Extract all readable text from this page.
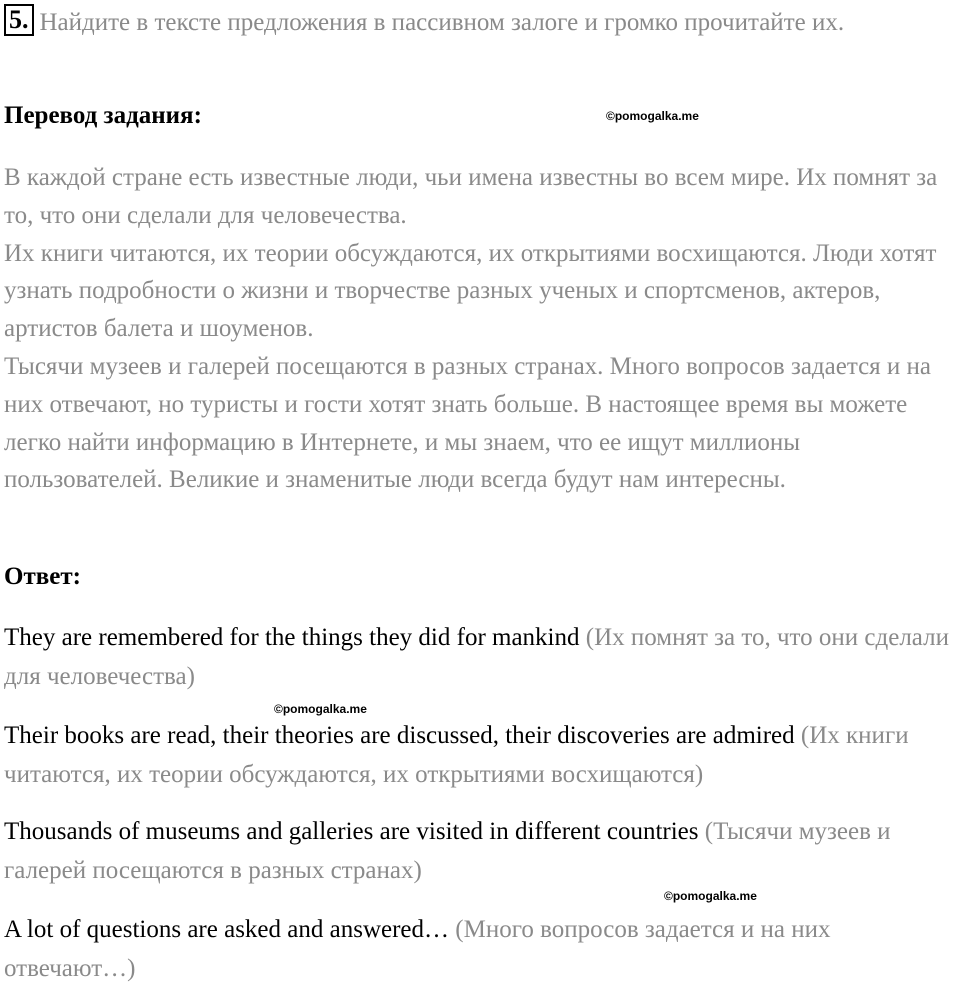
5. Найдите в тексте предложения в пассивном залоге и громко прочитайте их.
Перевод задания:	©pomogalka.me

В каждой стране есть известные люди, чьи имена известны во всем мире. Их помнят за то, что они сделали для человечества.

Их книги читаются, их теории обсуждаются, их открытиями восхищаются. Люди хотят узнать подробности о жизни и творчестве разных ученых и спортсменов, актеров, артистов балета и шоуменов.

Тысячи музеев и галерей посещаются в разных странах. Много вопросов задается и на них отвечают, но туристы и гости хотят знать больше. В настоящее время вы можете легко найти информацию в Интернете, и мы знаем, что ее ищут миллионы пользователей. Великие и знаменитые люди всегда будут нам интересны.

Ответ:
They are remembered for the things they did for mankind (Их помнят за то, что они сделали для человечества)
©pomogalka.me
Their books are read, their theories are discussed, their discoveries are admired (Их книги читаются, их теории обсуждаются, их открытиями восхищаются)
Thousands of museums and galleries are visited in different countries (Тысячи музеев и галерей посещаются в разных странах)
©pomogalka.me
A lot of questions are asked and answered… (Много вопросов задается и на них отвечают…)
